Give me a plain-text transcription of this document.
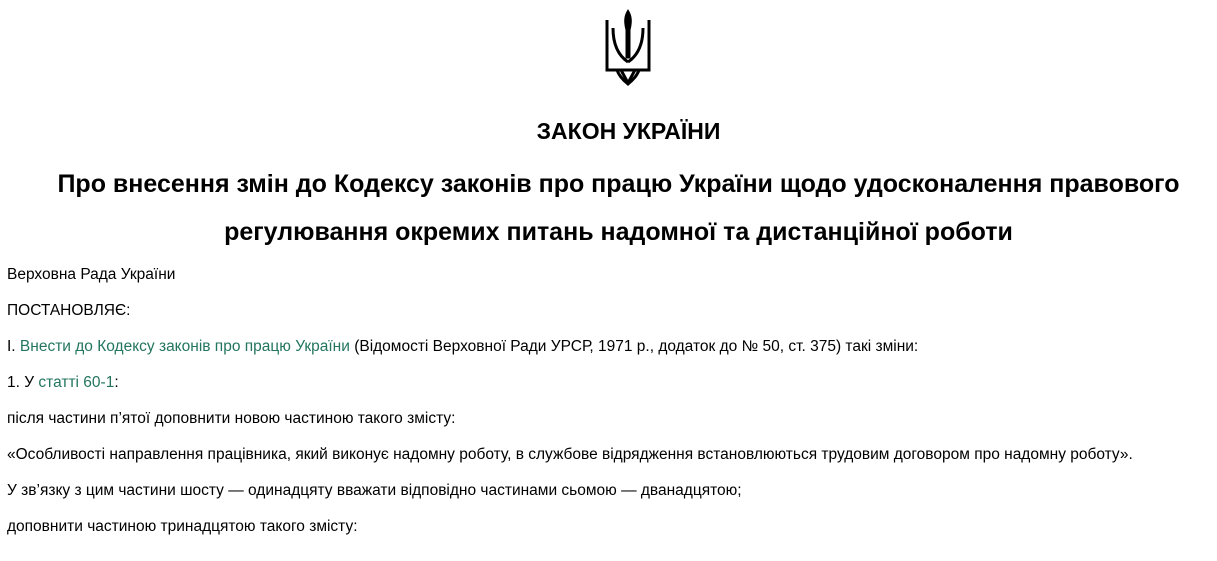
ЗАКОН УКРАЇНИ
Про внесення змін до Кодексу законів про працю України щодо удосконалення правового регулювання окремих питань надомної та дистанційної роботи

Верховна Рада України

ПОСТАНОВЛЯЄ:

I. Внести до Кодексу законів про працю України (Відомості Верховної Ради УРСР, 1971 р., додаток до № 50, ст. 375) такі зміни:

1. У статті 60-1:

після частини п’ятої доповнити новою частиною такого змісту:

«Особливості направлення працівника, який виконує надомну роботу, в службове відрядження встановлюються трудовим договором про надомну роботу».

У зв’язку з цим частини шосту — одинадцяту вважати відповідно частинами сьомою — дванадцятою;

доповнити частиною тринадцятою такого змісту:
